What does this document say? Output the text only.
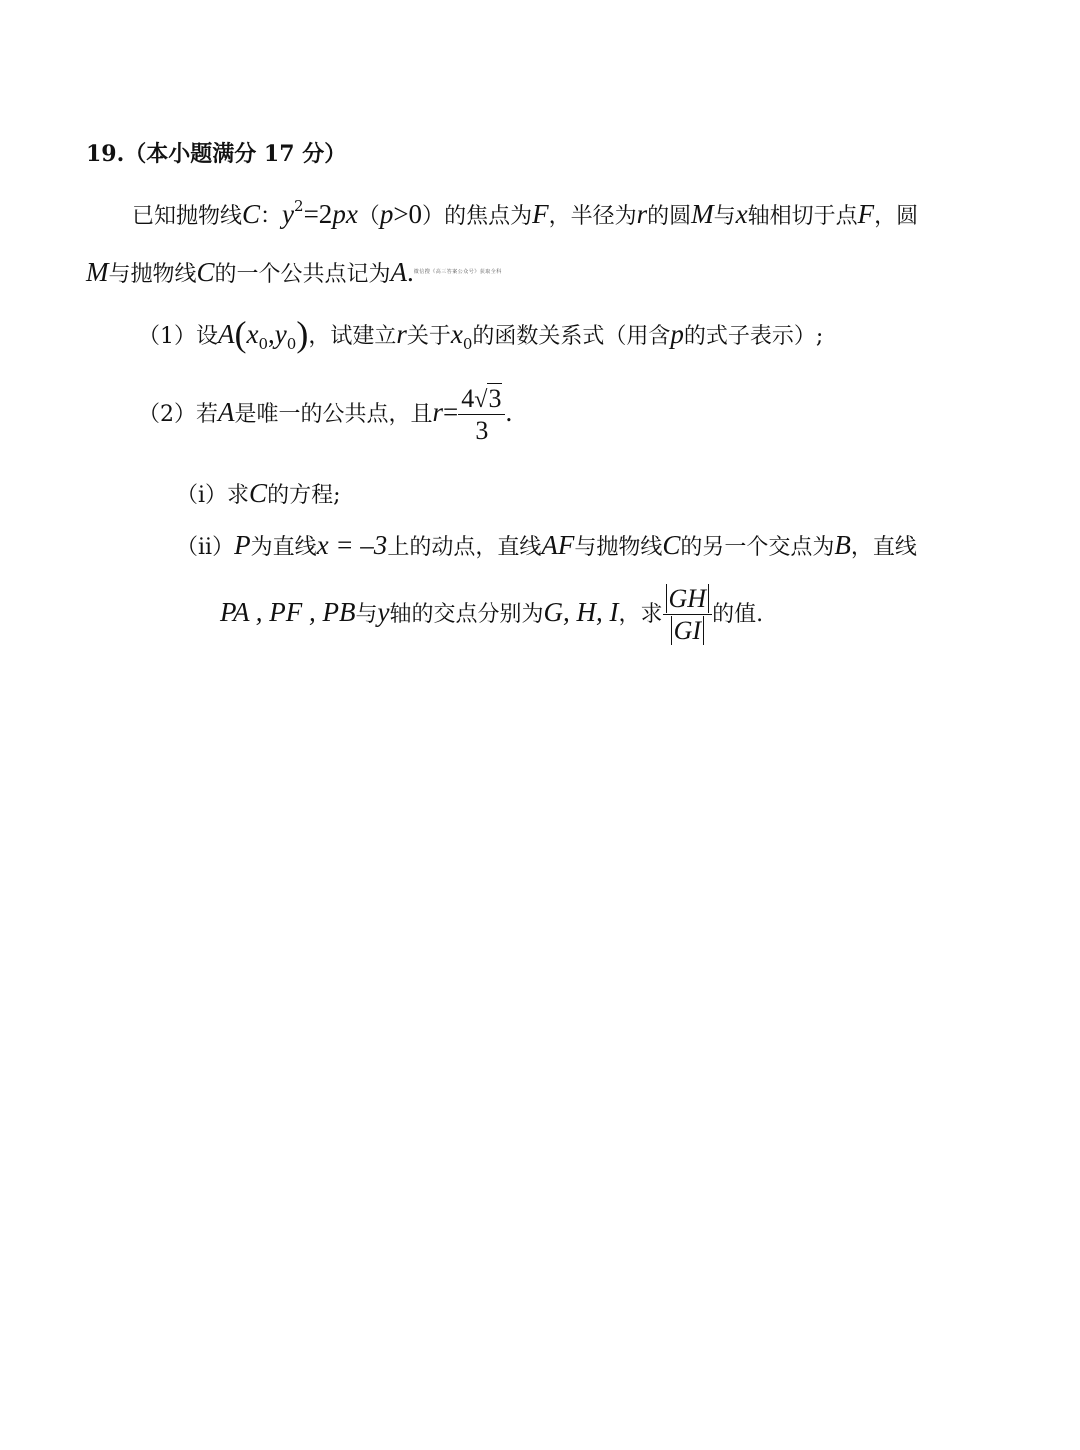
19.（本小题满分 17 分）
已知抛物线C：$y^2=2px(p>0)$的焦点为F，半径为r的圆M与x轴相切于点F，圆
M与抛物线C的一个公共点记为A.$^{微信搜《高三答案公众号》获取全科}$
（1）设$A(x_0,y_0)$，试建立r关于$x_0$的函数关系式（用含p的式子表示）;
（2）若A是唯一的公共点，且$r= \frac{4√3}{3}$ .
（i）求C的方程;
（ii）P为直线x = –3上的动点，直线AF与抛物线C的另一个交点为B，直线
PA , PF , PB与y轴的交点分别为G, H, I，求 $\frac{GH}{GI}$ 的值.
